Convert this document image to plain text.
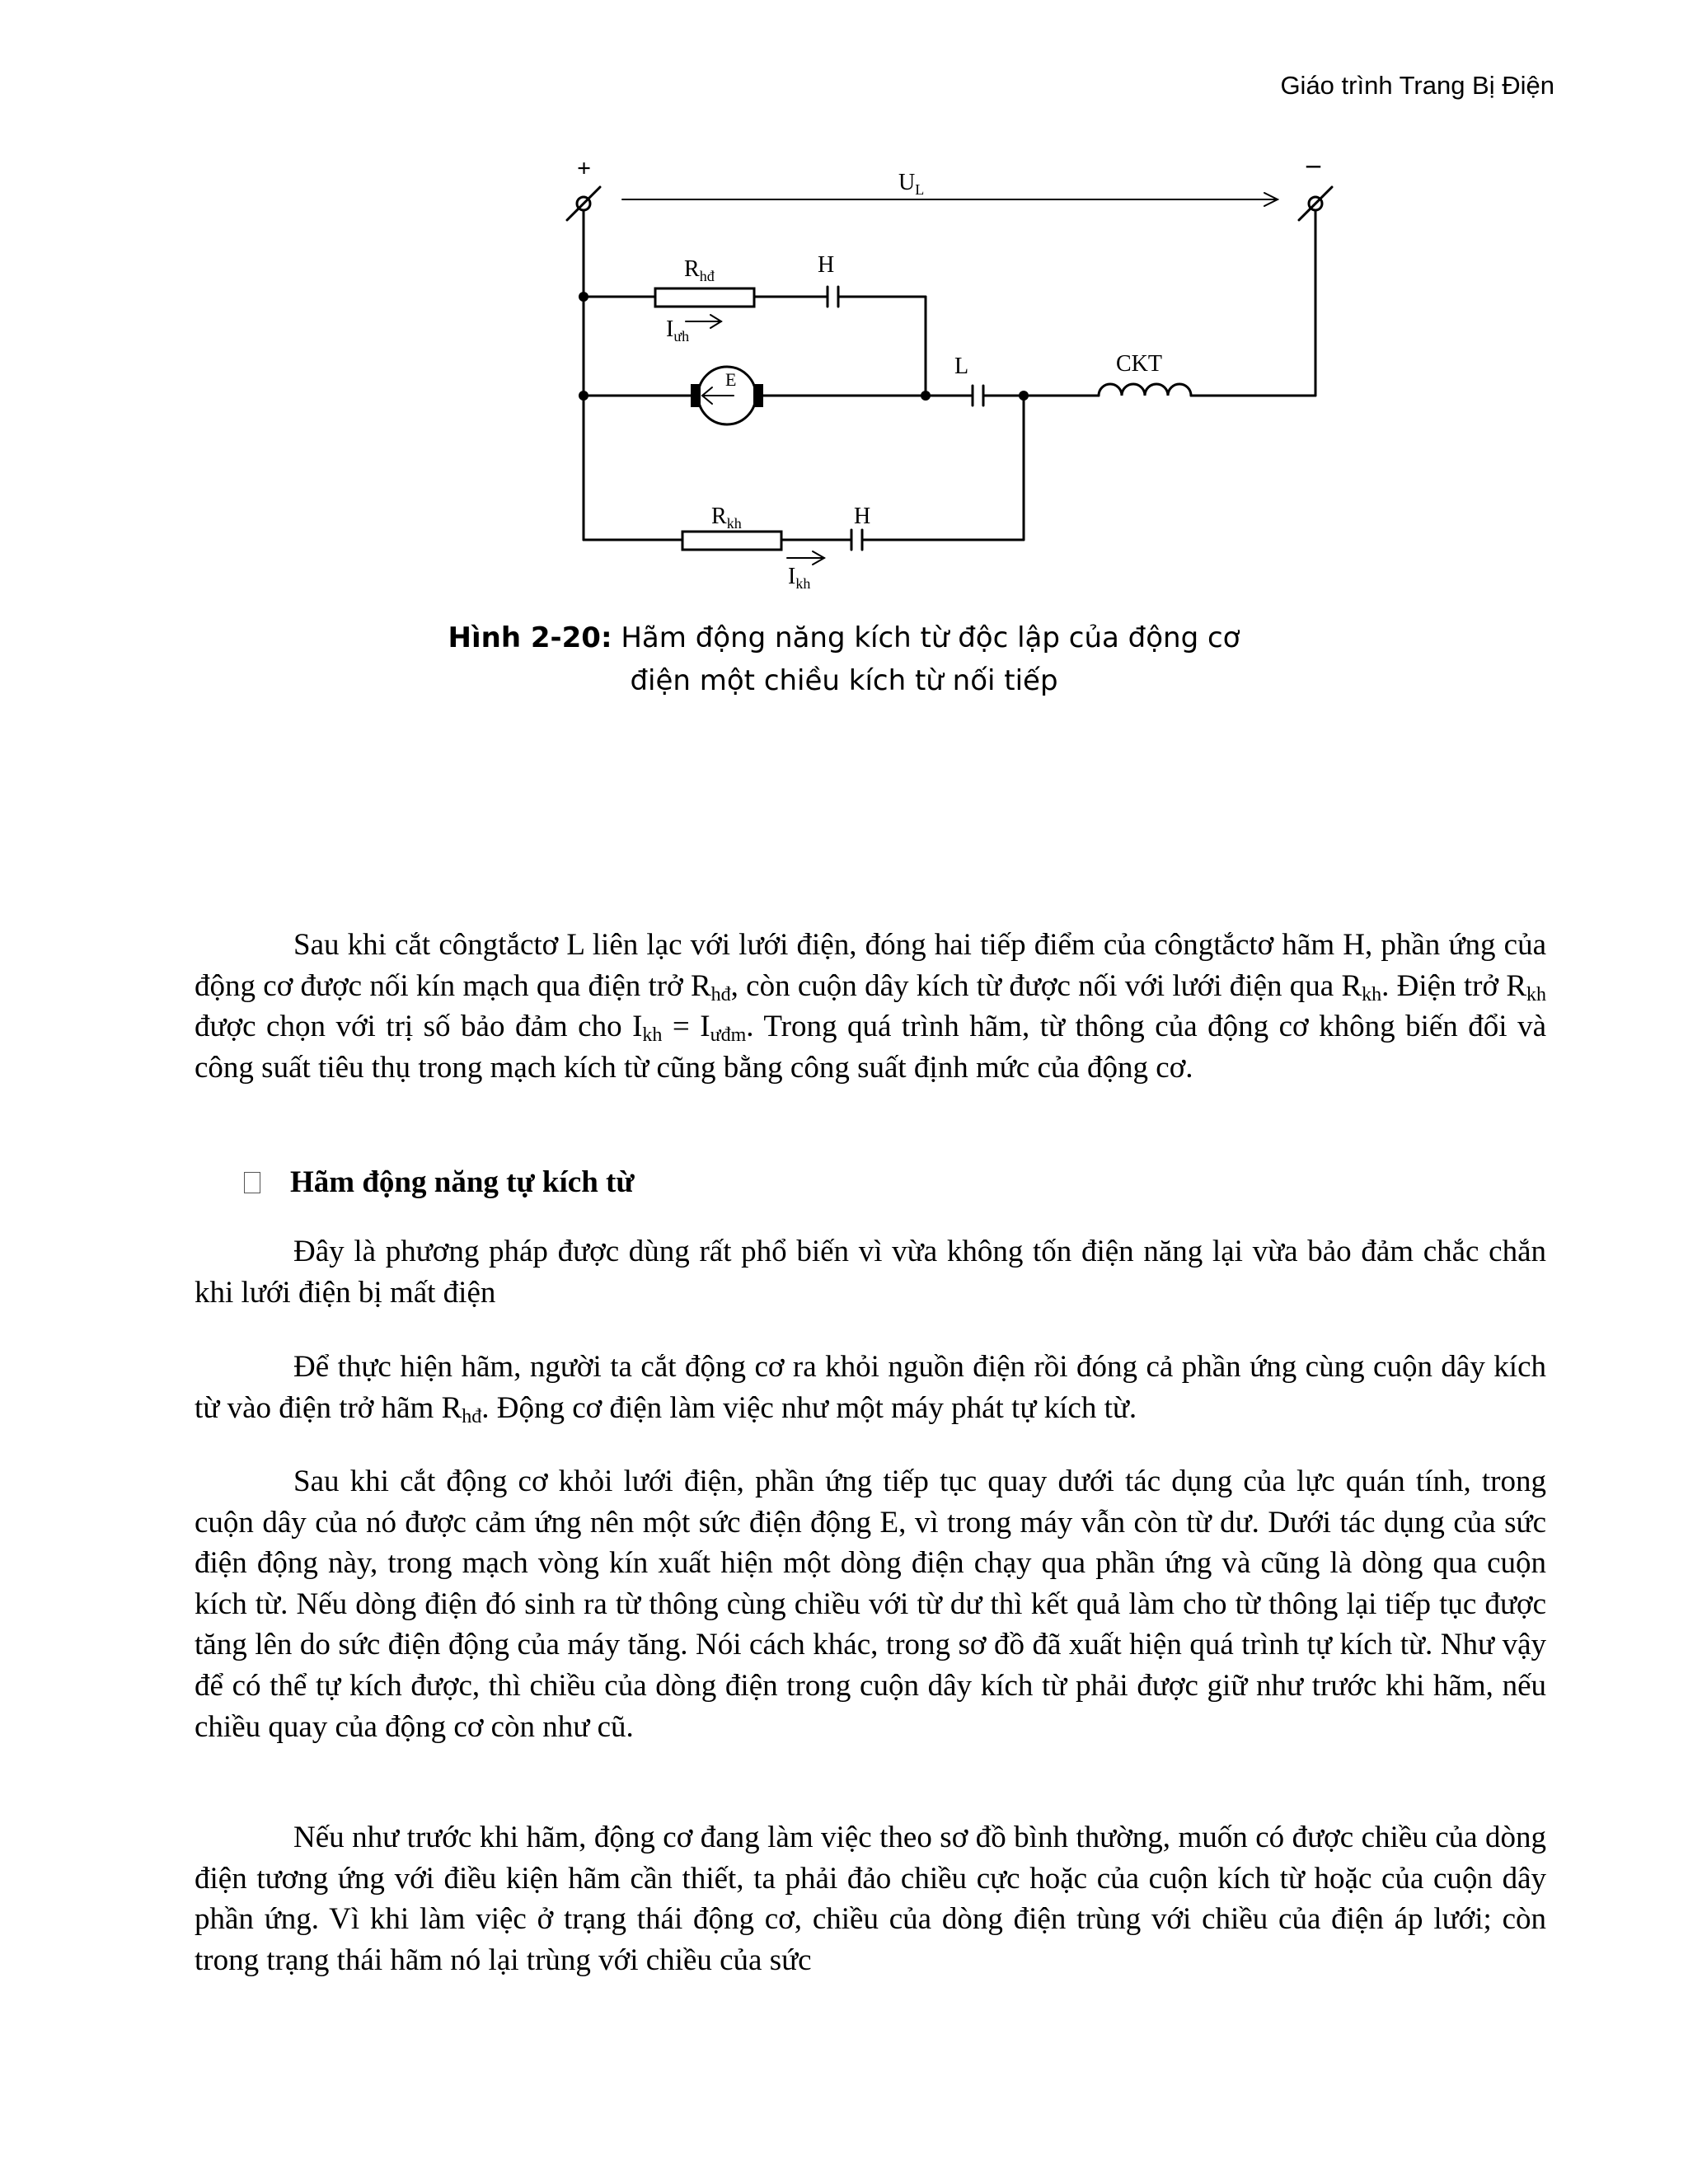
Giáo trình Trang Bị Điện
+	–
$U_L$
$R_{hđ}$	H
$I_{ưh}$
E
L	CKT
$R_{kh}$	H
$I_{kh}$
Hình 2-20: Hãm động năng kích từ độc lập của động cơ
điện một chiều kích từ nối tiếp
Sau khi cắt côngtắctơ L liên lạc với lưới điện, đóng hai tiếp điểm của côngtắctơ hãm H, phần ứng của động cơ được nối kín mạch qua điện trở $R_{hđ}$, còn cuộn dây kích từ được nối với lưới điện qua $R_{kh}$. Điện trở $R_{kh}$ được chọn với trị số bảo đảm cho $I_{kh} = I_{ưđm}$. Trong quá trình hãm, từ thông của động cơ không biến đổi và công suất tiêu thụ trong mạch kích từ cũng bằng công suất định mức của động cơ.
Hãm động năng tự kích từ
Đây là phương pháp được dùng rất phổ biến vì vừa không tốn điện năng lại vừa bảo đảm chắc chắn khi lưới điện bị mất điện
Để thực hiện hãm, người ta cắt động cơ ra khỏi nguồn điện rồi đóng cả phần ứng cùng cuộn dây kích từ vào điện trở hãm $R_{hđ}$. Động cơ điện làm việc như một máy phát tự kích từ.
Sau khi cắt động cơ khỏi lưới điện, phần ứng tiếp tục quay dưới tác dụng của lực quán tính, trong cuộn dây của nó được cảm ứng nên một sức điện động E, vì trong máy vẫn còn từ dư. Dưới tác dụng của sức điện động này, trong mạch vòng kín xuất hiện một dòng điện chạy qua phần ứng và cũng là dòng qua cuộn kích từ. Nếu dòng điện đó sinh ra từ thông cùng chiều với từ dư thì kết quả làm cho từ thông lại tiếp tục được tăng lên do sức điện động của máy tăng. Nói cách khác, trong sơ đồ đã xuất hiện quá trình tự kích từ. Như vậy để có thể tự kích được, thì chiều của dòng điện trong cuộn dây kích từ phải được giữ như trước khi hãm, nếu chiều quay của động cơ còn như cũ.
Nếu như trước khi hãm, động cơ đang làm việc theo sơ đồ bình thường, muốn có được chiều của dòng điện tương ứng với điều kiện hãm cần thiết, ta phải đảo chiều cực hoặc của cuộn kích từ hoặc của cuộn dây phần ứng. Vì khi làm việc ở trạng thái động cơ, chiều của dòng điện trùng với chiều của điện áp lưới; còn trong trạng thái hãm nó lại trùng với chiều của sức
